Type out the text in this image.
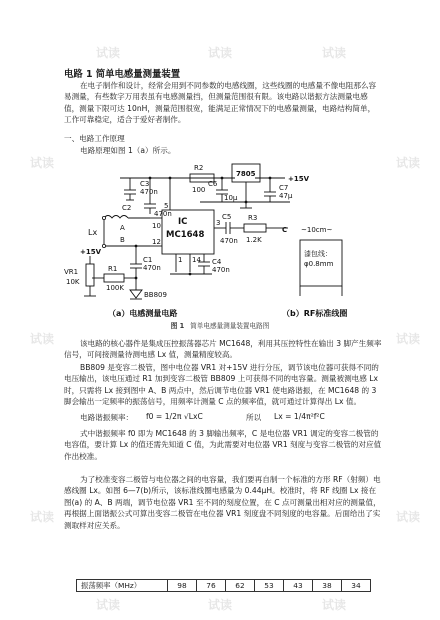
试读	试读	试读
试读	试读
试读	试读
试读	试读
试读	试读	试读
电路 1 简单电感量测量装置
在电子制作和设计，经常会用到不同参数的电感线圈，这些线圈的电感量不像电阻那么容易测量，有些数字万用表虽有电感测量挡，但测量范围很有限。该电路以谐振方法测量电感值，测量下限可达 10nH，测量范围很宽，能满足正常情况下的电感量测量，电路结构简单，工作可靠稳定，适合于爱好者制作。
一、电路工作原理
电路原理如图 1（a）所示。
R2
100
C3
470n
C2
470n
7805
+15V
C7
47μ
C6
10μ
IC
MC1648
10
12
5
3
1 14
C5
470n
R3
1.2K
C
Lx	A
B
+15V
R1
100K
VR1
10K
C1
470n
C4
470n
BB809
（a）电感测量电路
~10cm~
漆包线：
φ0.8mm
（b）RF标准线圈
图 1 简单电感量测量装置电路图
该电路的核心器件是集成压控振荡器芯片 MC1648，利用其压控特性在输出 3 脚产生频率信号，可间接测量待测电感 Lx 值，测量精度较高。
BB809 是变容二极管，图中电位器 VR1 对+15V 进行分压，调节该电位器可获得不同的电压输出，该电压通过 R1 加到变容二极管 BB809 上可获得不同的电容量。测量被测电感 Lx 时，只需将 Lx 接到图中 A、B 两点中，然后调节电位器 VR1 使电路谐振，在 MC1648 的 3 脚会输出一定频率的振荡信号，用频率计测量 C 点的频率值，就可通过计算得出 Lx 值。
电路谐振频率： f0 = 1/2π √LxC	所以 Lx = 1/4π²f²C
式中谐振频率 f0 即为 MC1648 的 3 脚输出频率，C 是电位器 VR1 调定的变容二极管的电容值，要计算 Lx 的值还需先知道 C 值，为此需要对电位器 VR1 刻度与变容二极管的对应值作出校准。
为了校准变容二极管与电位器之间的电容量，我们要再自制一个标准的方形 RF（射频）电感线圈 Lx。如图 6—7(b)所示，该标准线圈电感量为 0.44μH。校准时，将 RF 线圈 Lx 接在图(a) 的 A、B 两端，调节电位器 VR1 至不同的刻度位置，在 C 点可测量出相对应的测量值，再根据上面谐振公式可算出变容二极管在电位器 VR1 刻度盘不同刻度的电容量。后面给出了实测取样对应关系。
振荡频率（MHz）	98	76	62	53	43	38	34
